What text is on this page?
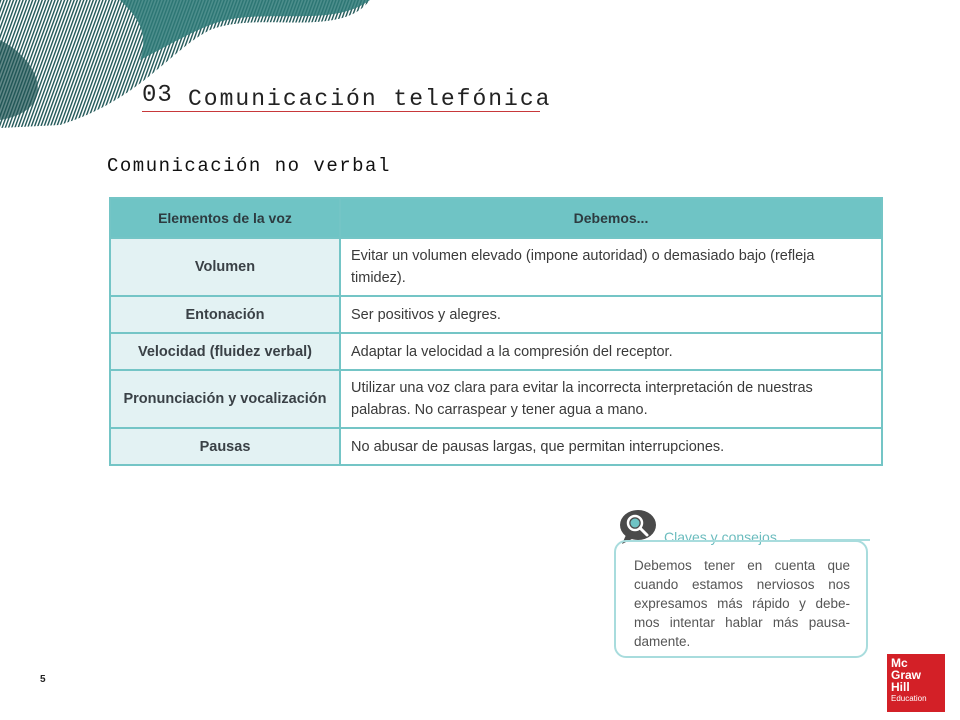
03 Comunicación telefónica
Comunicación no verbal
Elementos de la voz	Debemos...
Volumen	Evitar un volumen elevado (impone autoridad) o demasiado bajo (refleja timidez).
Entonación	Ser positivos y alegres.
Velocidad (fluidez verbal)	Adaptar la velocidad a la compresión del receptor.
Pronunciación y vocalización	Utilizar una voz clara para evitar la incorrecta interpretación de nuestras palabras. No carraspear y tener agua a mano.
Pausas	No abusar de pausas largas, que permitan interrupciones.
Claves y consejos
Debemos tener en cuenta que cuando estamos nerviosos nos expresamos más rápido y debe-mos intentar hablar más pausa-damente.
5
Mc
Graw
Hill
Education
